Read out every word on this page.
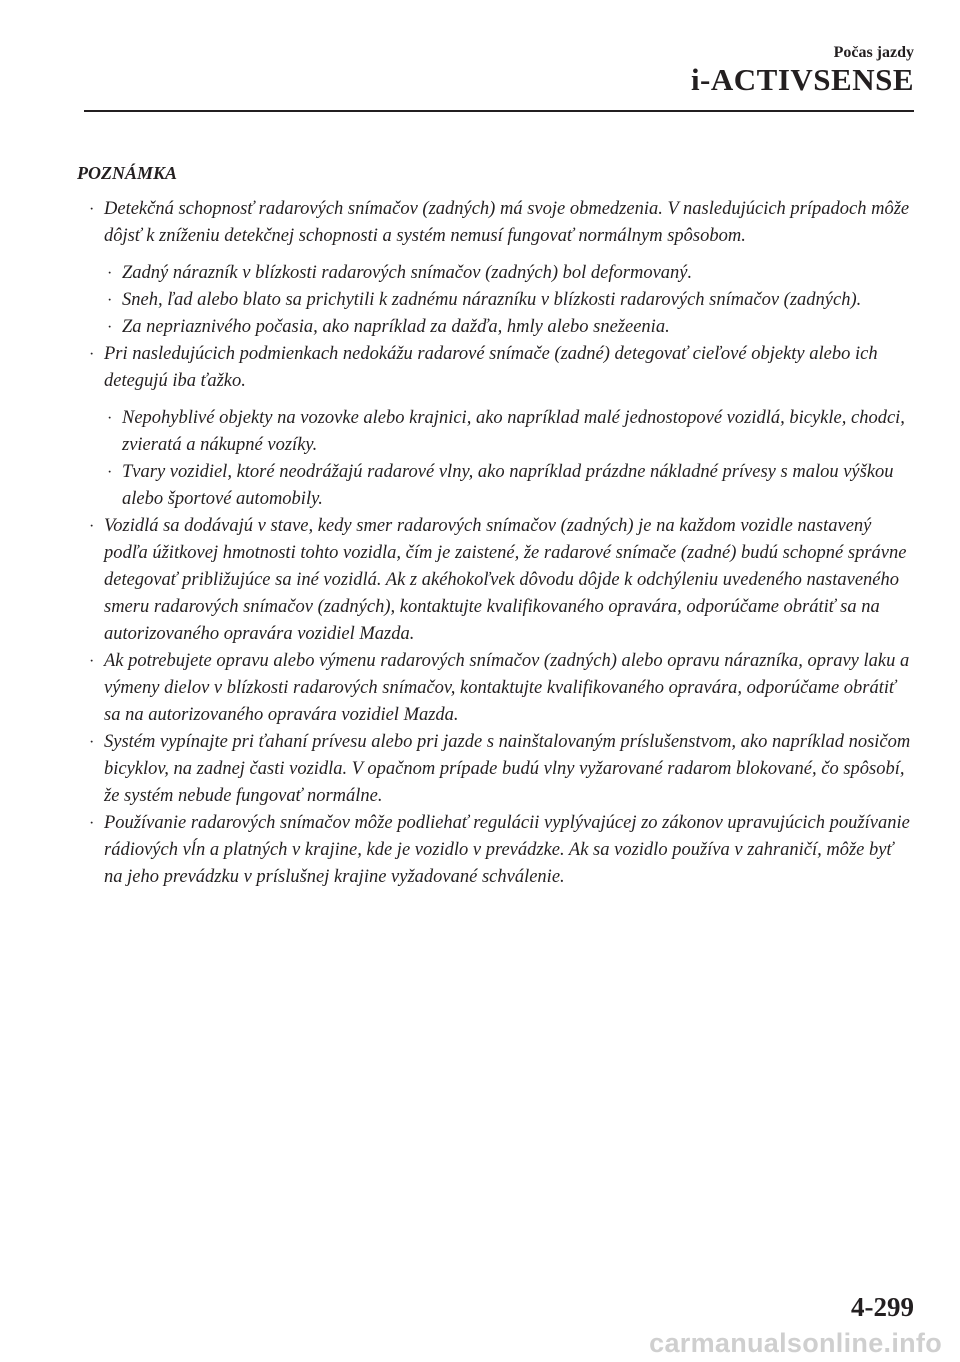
Počas jazdy
i-ACTIVSENSE
POZNÁMKA
· Detekčná schopnosť radarových snímačov (zadných) má svoje obmedzenia. V nasledujúcich prípadoch môže dôjsť k zníženiu detekčnej schopnosti a systém nemusí fungovať normálnym spôsobom.
· Zadný nárazník v blízkosti radarových snímačov (zadných) bol deformovaný.
· Sneh, ľad alebo blato sa prichytili k zadnému nárazníku v blízkosti radarových snímačov (zadných).
· Za nepriaznivého počasia, ako napríklad za dažďa, hmly alebo snežeenia.
· Pri nasledujúcich podmienkach nedokážu radarové snímače (zadné) detegovať cieľové objekty alebo ich detegujú iba ťažko.
· Nepohyblivé objekty na vozovke alebo krajnici, ako napríklad malé jednostopové vozidlá, bicykle, chodci, zvieratá a nákupné vozíky.
· Tvary vozidiel, ktoré neodrážajú radarové vlny, ako napríklad prázdne nákladné prívesy s malou výškou alebo športové automobily.
· Vozidlá sa dodávajú v stave, kedy smer radarových snímačov (zadných) je na každom vozidle nastavený podľa úžitkovej hmotnosti tohto vozidla, čím je zaistené, že radarové snímače (zadné) budú schopné správne detegovať približujúce sa iné vozidlá. Ak z akéhokoľvek dôvodu dôjde k odchýleniu uvedeného nastaveného smeru radarových snímačov (zadných), kontaktujte kvalifikovaného opravára, odporúčame obrátiť sa na autorizovaného opravára vozidiel Mazda.
· Ak potrebujete opravu alebo výmenu radarových snímačov (zadných) alebo opravu nárazníka, opravy laku a výmeny dielov v blízkosti radarových snímačov, kontaktujte kvalifikovaného opravára, odporúčame obrátiť sa na autorizovaného opravára vozidiel Mazda.
· Systém vypínajte pri ťahaní prívesu alebo pri jazde s nainštalovaným príslušenstvom, ako napríklad nosičom bicyklov, na zadnej časti vozidla. V opačnom prípade budú vlny vyžarované radarom blokované, čo spôsobí, že systém nebude fungovať normálne.
· Používanie radarových snímačov môže podliehať regulácii vyplývajúcej zo zákonov upravujúcich používanie rádiových vĺn a platných v krajine, kde je vozidlo v prevádzke. Ak sa vozidlo používa v zahraničí, môže byť na jeho prevádzku v príslušnej krajine vyžadované schválenie.
4-299
carmanualsonline.info
